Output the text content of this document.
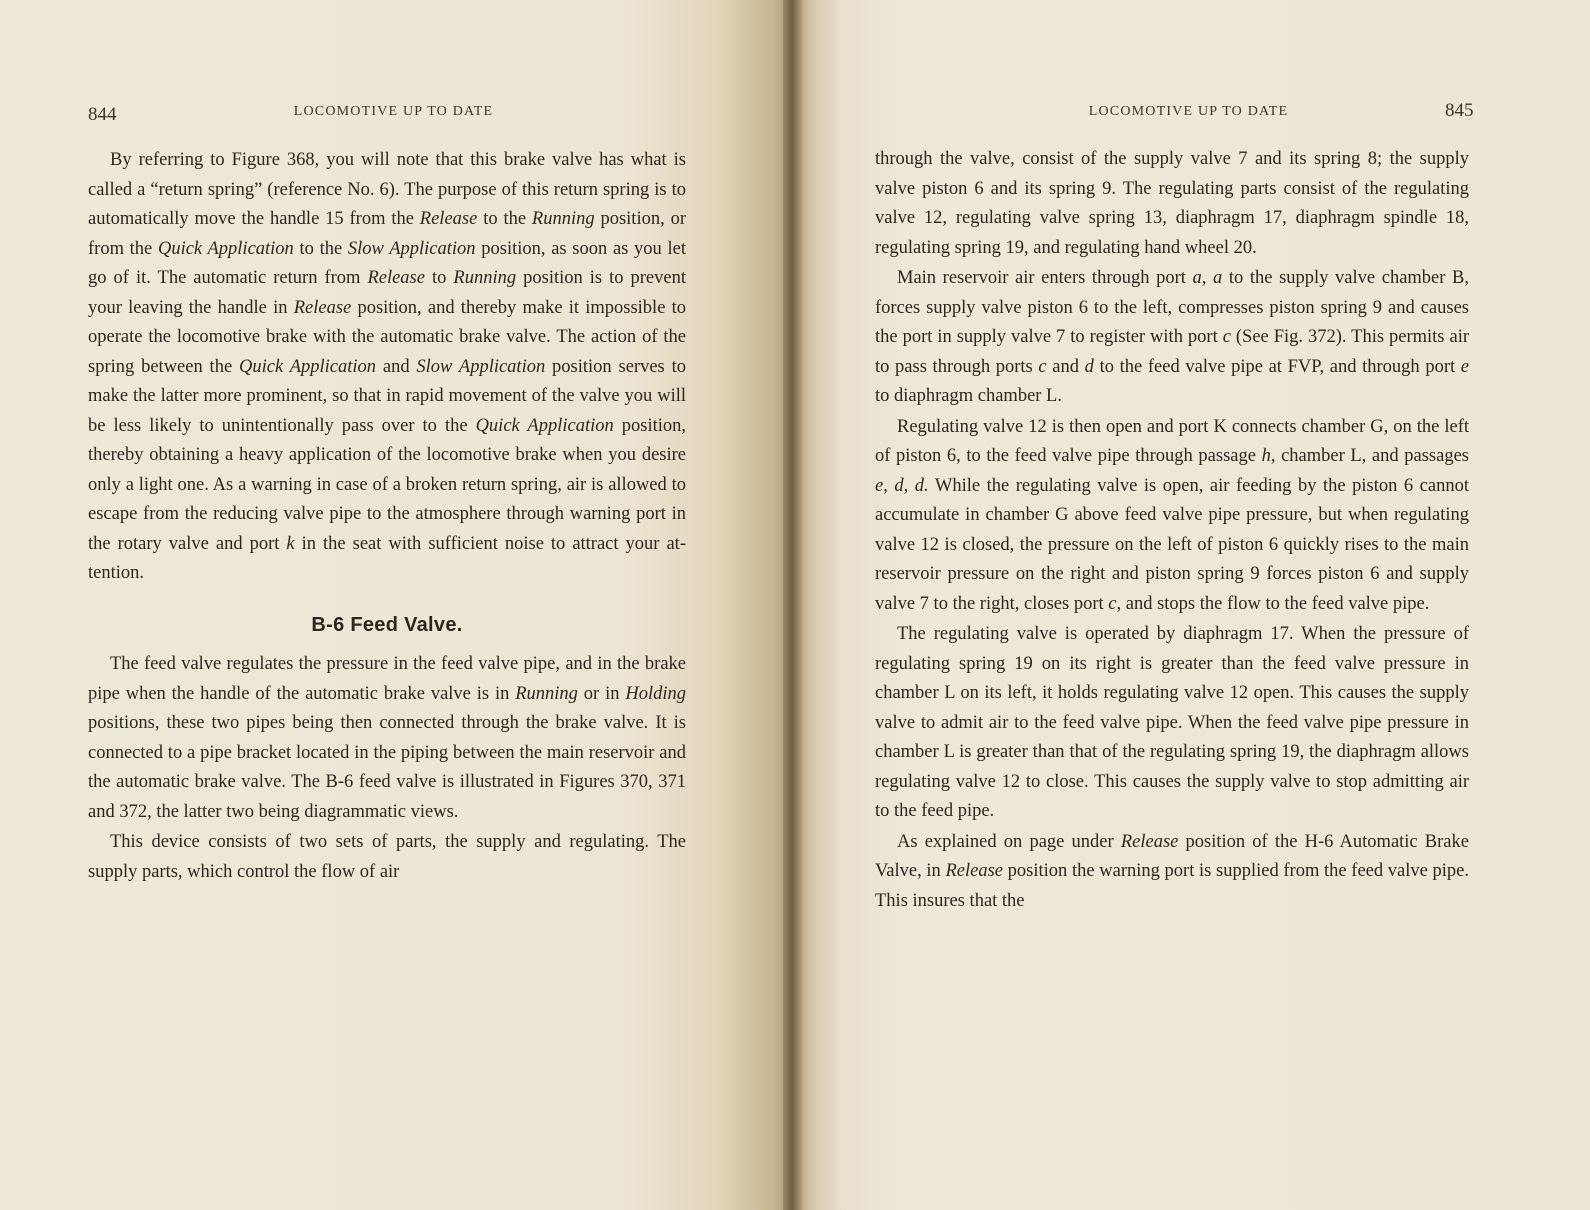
844	LOCOMOTIVE UP TO DATE

By referring to Figure 368, you will note that this brake valve has what is called a “return spring” (reference No. 6). The purpose of this return spring is to automatically move the handle 15 from the Release to the Running position, or from the Quick Application to the Slow Application position, as soon as you let go of it. The automatic return from Release to Running position is to prevent your leaving the handle in Release position, and thereby make it impossible to operate the locomotive brake with the automatic brake valve. The action of the spring between the Quick Application and Slow Application position serves to make the latter more prominent, so that in rapid movement of the valve you will be less likely to unintentionally pass over to the Quick Application position, thereby obtaining a heavy application of the locomotive brake when you desire only a light one. As a warning in case of a broken return spring, air is allowed to escape from the reducing valve pipe to the atmosphere through warning port in the rotary valve and port k in the seat with sufficient noise to attract your attention.

B-6 Feed Valve.

The feed valve regulates the pressure in the feed valve pipe, and in the brake pipe when the handle of the automatic brake valve is in Running or in Holding positions, these two pipes being then connected through the brake valve. It is connected to a pipe bracket located in the piping between the main reservoir and the automatic brake valve. The B-6 feed valve is illustrated in Figures 370, 371 and 372, the latter two being diagrammatic views.

This device consists of two sets of parts, the supply and regulating. The supply parts, which control the flow of air

LOCOMOTIVE UP TO DATE	845

through the valve, consist of the supply valve 7 and its spring 8; the supply valve piston 6 and its spring 9. The regulating parts consist of the regulating valve 12, regulating valve spring 13, diaphragm 17, diaphragm spindle 18, regulating spring 19, and regulating hand wheel 20.

Main reservoir air enters through port a, a to the supply valve chamber B, forces supply valve piston 6 to the left, compresses piston spring 9 and causes the port in supply valve 7 to register with port c (See Fig. 372). This permits air to pass through ports c and d to the feed valve pipe at FVP, and through port e to diaphragm chamber L.

Regulating valve 12 is then open and port K connects chamber G, on the left of piston 6, to the feed valve pipe through passage h, chamber L, and passages e, d, d. While the regulating valve is open, air feeding by the piston 6 cannot accumulate in chamber G above feed valve pipe pressure, but when regulating valve 12 is closed, the pressure on the left of piston 6 quickly rises to the main reservoir pressure on the right and piston spring 9 forces piston 6 and supply valve 7 to the right, closes port c, and stops the flow to the feed valve pipe.

The regulating valve is operated by diaphragm 17. When the pressure of regulating spring 19 on its right is greater than the feed valve pressure in chamber L on its left, it holds regulating valve 12 open. This causes the supply valve to admit air to the feed valve pipe. When the feed valve pipe pressure in chamber L is greater than that of the regulating spring 19, the diaphragm allows regulating valve 12 to close. This causes the supply valve to stop admitting air to the feed pipe.

As explained on page under Release position of the H-6 Automatic Brake Valve, in Release position the warning port is supplied from the feed valve pipe. This insures that the
